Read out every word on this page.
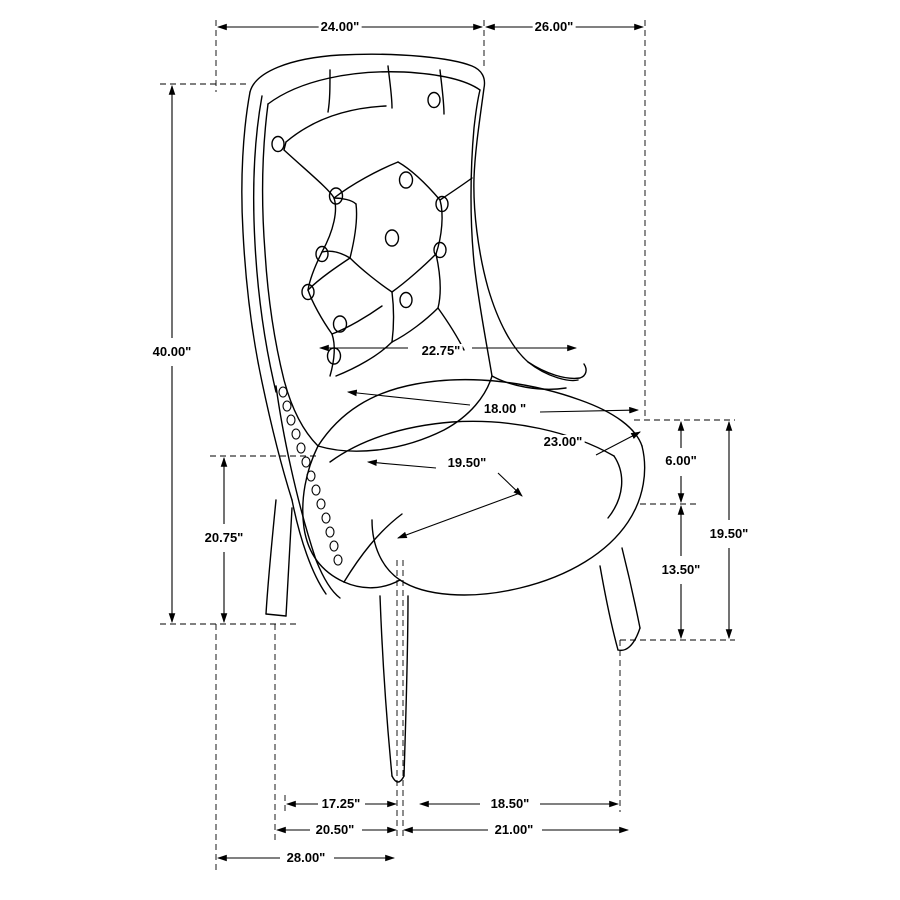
24.00"	26.00"
40.00"	22.75"
18.00 "
23.00"
19.50"	6.00"
19.50"
13.50"
20.75"
17.25"	18.50"
20.50"	21.00"
28.00"
